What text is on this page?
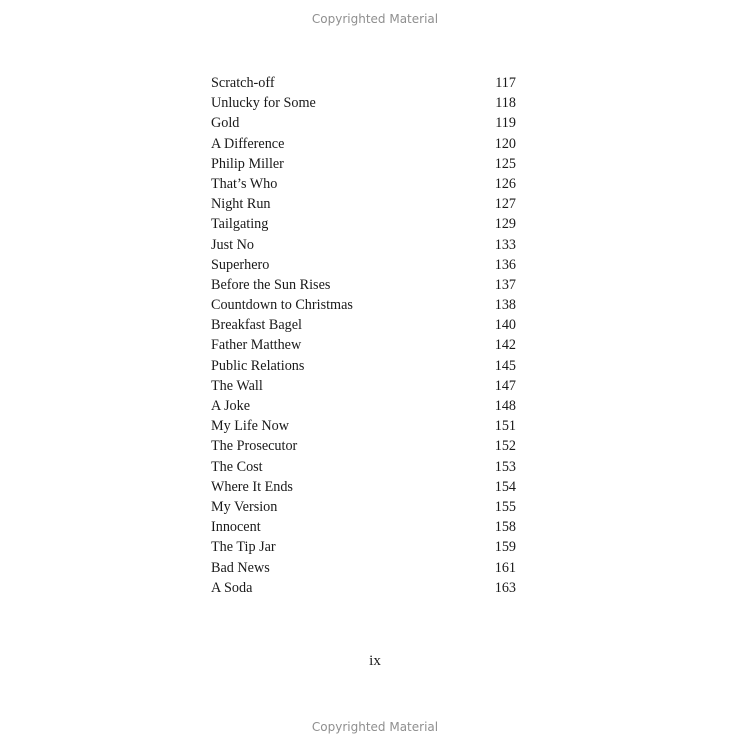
Copyrighted Material
Scratch-off	117
Unlucky for Some	118
Gold	119
A Difference	120
Philip Miller	125
That’s Who	126
Night Run	127
Tailgating	129
Just No	133
Superhero	136
Before the Sun Rises	137
Countdown to Christmas	138
Breakfast Bagel	140
Father Matthew	142
Public Relations	145
The Wall	147
A Joke	148
My Life Now	151
The Prosecutor	152
The Cost	153
Where It Ends	154
My Version	155
Innocent	158
The Tip Jar	159
Bad News	161
A Soda	163
ix
Copyrighted Material
